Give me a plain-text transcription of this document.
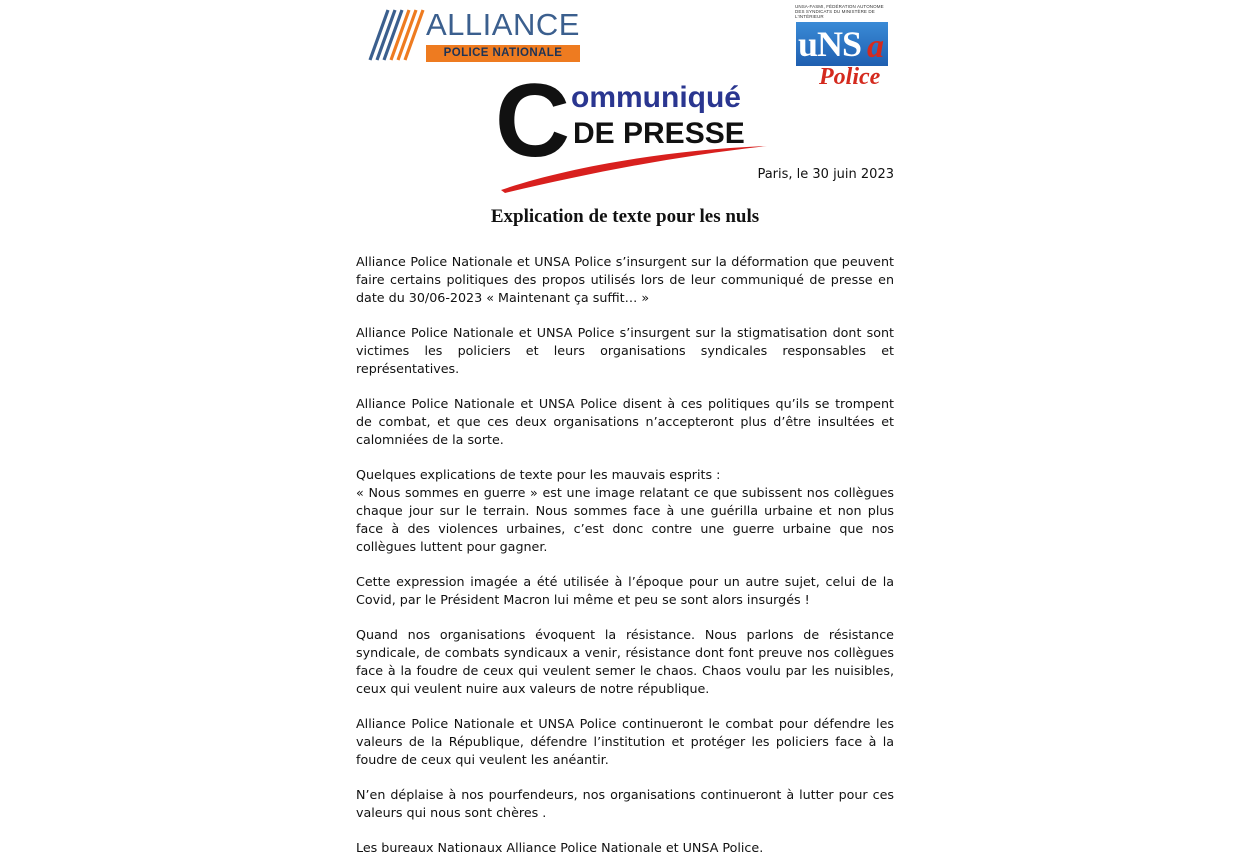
ALLIANCE
POLICE NATIONALE
UNSA-FASMI, FÉDÉRATION AUTONOME DES SYNDICATS DU MINISTÈRE DE L'INTÉRIEUR
uNS a
Police
C ommuniqué
DE PRESSE
Paris, le 30 juin 2023
Explication de texte pour les nuls

Alliance Police Nationale et UNSA Police s’insurgent sur la déformation que peuvent faire certains politiques des propos utilisés lors de leur communiqué de presse en date du 30/06-2023 « Maintenant ça suffit… »

Alliance Police Nationale et UNSA Police s’insurgent sur la stigmatisation dont sont victimes les policiers et leurs organisations syndicales responsables et représentatives.

Alliance Police Nationale et UNSA Police disent à ces politiques qu’ils se trompent de combat, et que ces deux organisations n’accepteront plus d’être insultées et calomniées de la sorte.

Quelques explications de texte pour les mauvais esprits :

« Nous sommes en guerre » est une image relatant ce que subissent nos collègues chaque jour sur le terrain. Nous sommes face à une guérilla urbaine et non plus face à des violences urbaines, c’est donc contre une guerre urbaine que nos collègues luttent pour gagner.

Cette expression imagée a été utilisée à l’époque pour un autre sujet, celui de la Covid, par le Président Macron lui même et peu se sont alors insurgés !

Quand nos organisations évoquent la résistance. Nous parlons de résistance syndicale, de combats syndicaux a venir, résistance dont font preuve nos collègues face à la foudre de ceux qui veulent semer le chaos. Chaos voulu par les nuisibles, ceux qui veulent nuire aux valeurs de notre république.

Alliance Police Nationale et UNSA Police continueront le combat pour défendre les valeurs de la République, défendre l’institution et protéger les policiers face à la foudre de ceux qui veulent les anéantir.

N’en déplaise à nos pourfendeurs, nos organisations continueront à lutter pour ces valeurs qui nous sont chères .

Les bureaux Nationaux Alliance Police Nationale et UNSA Police.
